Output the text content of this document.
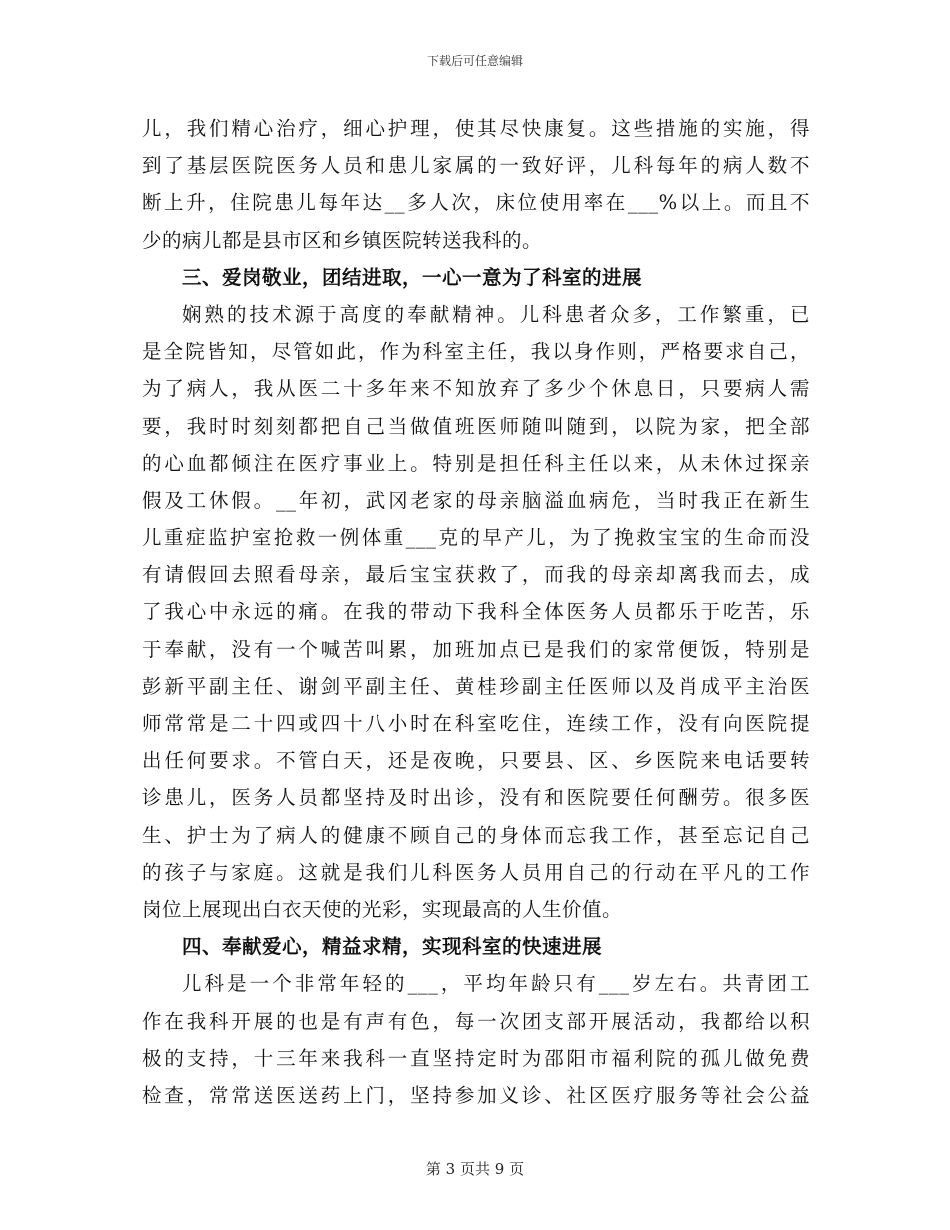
下载后可任意编辑
儿，我们精心治疗，细心护理，使其尽快康复。这些措施的实施，得
到了基层医院医务人员和患儿家属的一致好评，儿科每年的病人数不
断上升，住院患儿每年达__多人次，床位使用率在___%以上。而且不
少的病儿都是县市区和乡镇医院转送我科的。
三、爱岗敬业，团结进取，一心一意为了科室的进展
娴熟的技术源于高度的奉献精神。儿科患者众多，工作繁重，已
是全院皆知，尽管如此，作为科室主任，我以身作则，严格要求自己，
为了病人，我从医二十多年来不知放弃了多少个休息日，只要病人需
要，我时时刻刻都把自己当做值班医师随叫随到，以院为家，把全部
的心血都倾注在医疗事业上。特别是担任科主任以来，从未休过探亲
假及工休假。__年初，武冈老家的母亲脑溢血病危，当时我正在新生
儿重症监护室抢救一例体重___克的早产儿，为了挽救宝宝的生命而没
有请假回去照看母亲，最后宝宝获救了，而我的母亲却离我而去，成
了我心中永远的痛。在我的带动下我科全体医务人员都乐于吃苦，乐
于奉献，没有一个喊苦叫累，加班加点已是我们的家常便饭，特别是
彭新平副主任、谢剑平副主任、黄桂珍副主任医师以及肖成平主治医
师常常是二十四或四十八小时在科室吃住，连续工作，没有向医院提
出任何要求。不管白天，还是夜晚，只要县、区、乡医院来电话要转
诊患儿，医务人员都坚持及时出诊，没有和医院要任何酬劳。很多医
生、护士为了病人的健康不顾自己的身体而忘我工作，甚至忘记自己
的孩子与家庭。这就是我们儿科医务人员用自己的行动在平凡的工作
岗位上展现出白衣天使的光彩，实现最高的人生价值。
四、奉献爱心，精益求精，实现科室的快速进展
儿科是一个非常年轻的___，平均年龄只有___岁左右。共青团工
作在我科开展的也是有声有色，每一次团支部开展活动，我都给以积
极的支持，十三年来我科一直坚持定时为邵阳市福利院的孤儿做免费
检查，常常送医送药上门，坚持参加义诊、社区医疗服务等社会公益
第 3 页共 9 页
